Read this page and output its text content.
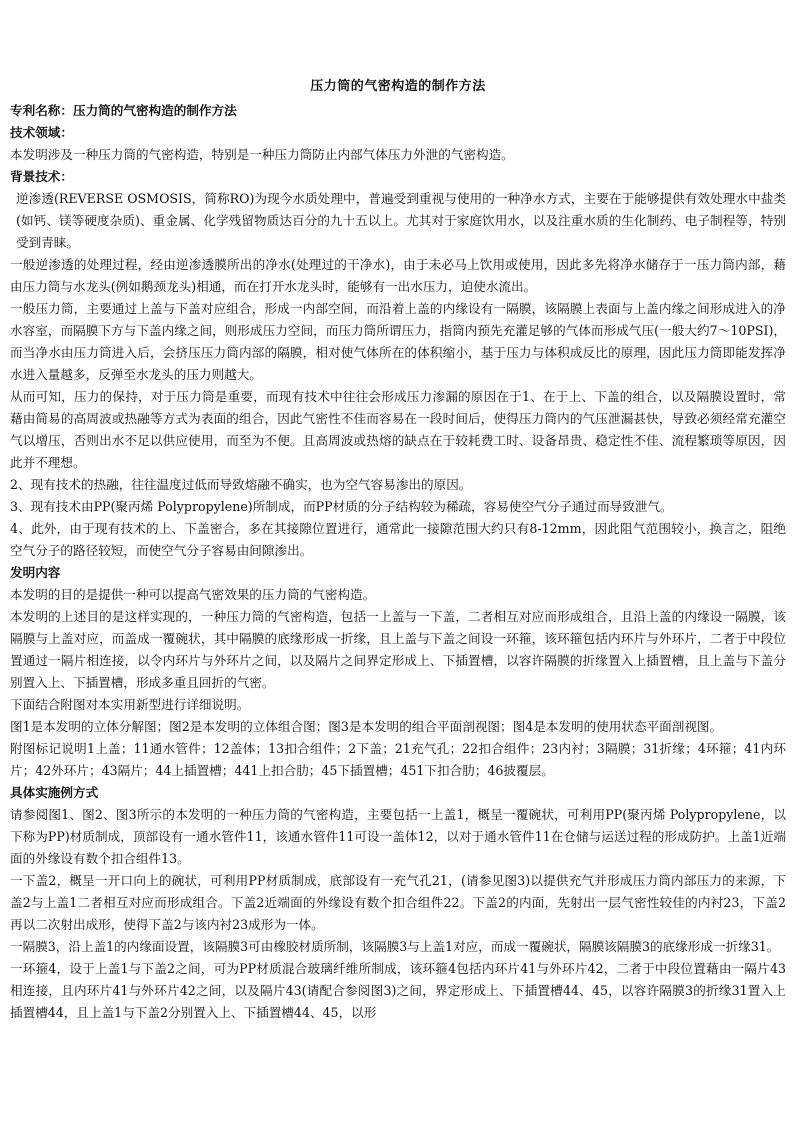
压力筒的气密构造的制作方法

专利名称：压力筒的气密构造的制作方法

技术领域：

本发明涉及一种压力筒的气密构造，特别是一种压力筒防止内部气体压力外泄的气密构造。

背景技术：

逆渗透(REVERSE OSMOSIS，简称RO)为现今水质处理中，普遍受到重视与使用的一种净水方式，主要在于能够提供有效处理水中盐类(如钙、镁等硬度杂质)、重金属、化学残留物质达百分的九十五以上。尤其对于家庭饮用水，以及注重水质的生化制药、电子制程等，特别受到青睐。

一般逆渗透的处理过程，经由逆渗透膜所出的净水(处理过的干净水)，由于未必马上饮用或使用，因此多先将净水储存于一压力筒内部，藉由压力筒与水龙头(例如鹅颈龙头)相通，而在打开水龙头时，能够有一出水压力，迫使水流出。

一般压力筒，主要通过上盖与下盖对应组合，形成一内部空间，而沿着上盖的内缘设有一隔膜，该隔膜上表面与上盖内缘之间形成进入的净水容室，而隔膜下方与下盖内缘之间，则形成压力空间，而压力筒所谓压力，指筒内预先充灌足够的气体而形成气压(一般大约7～10PSI)，而当净水由压力筒进入后，会挤压压力筒内部的隔膜，相对使气体所在的体积缩小，基于压力与体积成反比的原理，因此压力筒即能发挥净水进入量越多，反弹至水龙头的压力则越大。

从而可知，压力的保持，对于压力筒是重要，而现有技术中往往会形成压力渗漏的原因在于1、在于上、下盖的组合，以及隔膜设置时，常藉由简易的高周波或热融等方式为表面的组合，因此气密性不佳而容易在一段时间后，使得压力筒内的气压泄漏甚快，导致必须经常充灌空气以增压，否则出水不足以供应使用，而至为不便。且高周波或热熔的缺点在于较耗费工时、设备昂贵、稳定性不佳、流程繁琐等原因，因此并不理想。

2、现有技术的热融，往往温度过低而导致熔融不确实，也为空气容易渗出的原因。

3、现有技术由PP(聚丙烯 Polypropylene)所制成，而PP材质的分子结构较为稀疏，容易使空气分子通过而导致泄气。

4、此外，由于现有技术的上、下盖密合，多在其接隙位置进行，通常此一接隙范围大约只有8-12mm，因此阻气范围较小，换言之，阻绝空气分子的路径较短，而使空气分子容易由间隙渗出。

发明内容

本发明的目的是提供一种可以提高气密效果的压力筒的气密构造。

本发明的上述目的是这样实现的，一种压力筒的气密构造，包括一上盖与一下盖，二者相互对应而形成组合，且沿上盖的内缘设一隔膜，该隔膜与上盖对应，而盖成一覆碗状，其中隔膜的底缘形成一折缘，且上盖与下盖之间设一环箍，该环箍包括内环片与外环片，二者于中段位置通过一隔片相连接，以令内环片与外环片之间，以及隔片之间界定形成上、下插置槽，以容许隔膜的折缘置入上插置槽，且上盖与下盖分别置入上、下插置槽，形成多重且回折的气密。

下面结合附图对本实用新型进行详细说明。

图1是本发明的立体分解图；图2是本发明的立体组合图；图3是本发明的组合平面剖视图；图4是本发明的使用状态平面剖视图。

附图标记说明1上盖；11通水管件；12盖体；13扣合组件；2下盖；21充气孔；22扣合组件；23内衬；3隔膜；31折缘；4环箍；41内环片；42外环片；43隔片；44上插置槽；441上扣合肋；45下插置槽；451下扣合肋；46披覆层。

具体实施例方式

请参阅图1、图2、图3所示的本发明的一种压力筒的气密构造，主要包括一上盖1，概呈一覆碗状，可利用PP(聚丙烯 Polypropylene，以下称为PP)材质制成，顶部设有一通水管件11，该通水管件11可设一盖体12，以对于通水管件11在仓储与运送过程的形成防护。上盖1近端面的外缘设有数个扣合组件13。

一下盖2，概呈一开口向上的碗状，可利用PP材质制成，底部设有一充气孔21，(请参见图3)以提供充气并形成压力筒内部压力的来源，下盖2与上盖1二者相互对应而形成组合。下盖2近端面的外缘设有数个扣合组件22。下盖2的内面，先射出一层气密性较佳的内衬23，下盖2再以二次射出成形，使得下盖2与该内衬23成形为一体。

一隔膜3，沿上盖1的内缘面设置，该隔膜3可由橡胶材质所制，该隔膜3与上盖1对应，而成一覆碗状，隔膜该隔膜3的底缘形成一折缘31。

一环箍4，设于上盖1与下盖2之间，可为PP材质混合玻璃纤维所制成，该环箍4包括内环片41与外环片42，二者于中段位置藉由一隔片43相连接，且内环片41与外环片42之间，以及隔片43(请配合参阅图3)之间，界定形成上、下插置槽44、45，以容许隔膜3的折缘31置入上插置槽44，且上盖1与下盖2分别置入上、下插置槽44、45，以形
